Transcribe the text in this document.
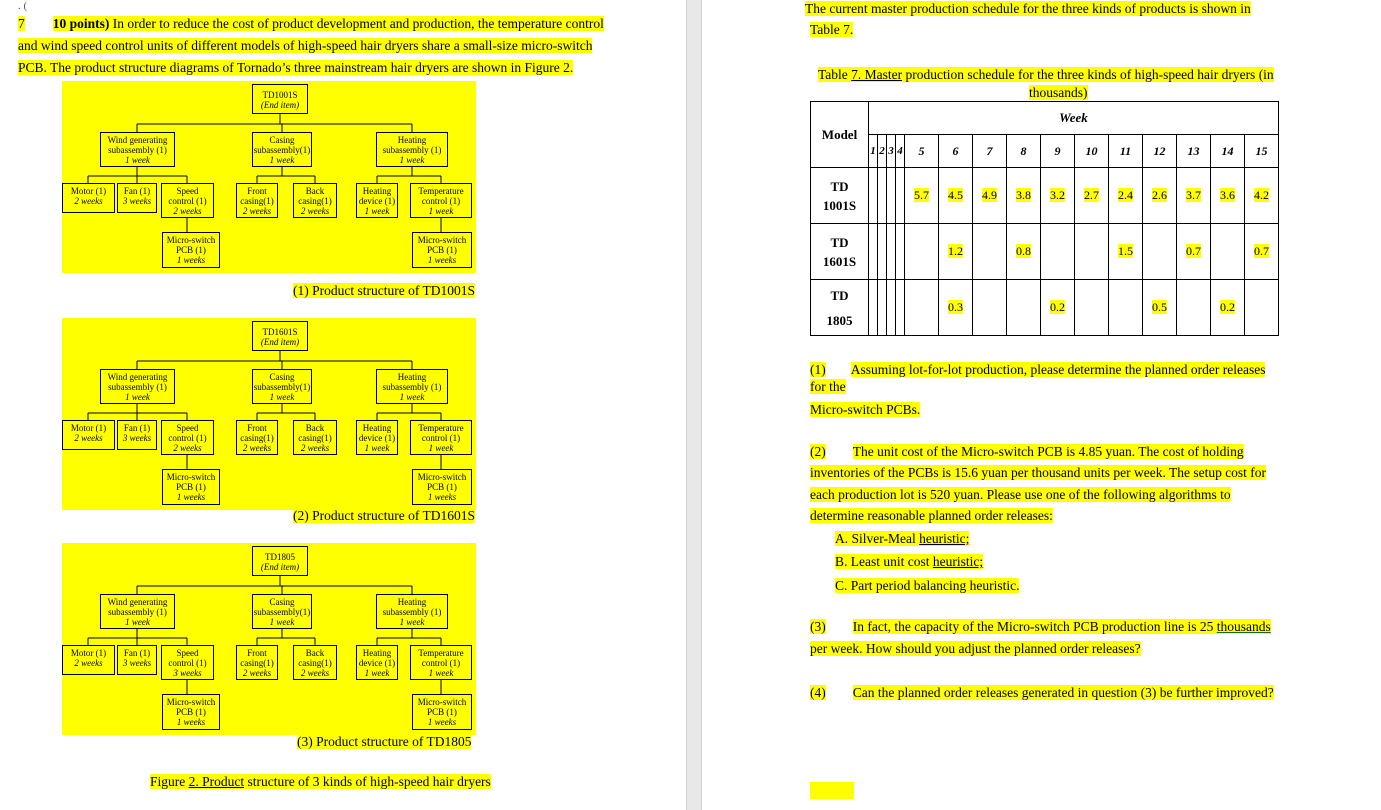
. (
7 10 points) In order to reduce the cost of product development and production, the temperature control
and wind speed control units of different models of high-speed hair dryers share a small-size micro-switch
PCB. The product structure diagrams of Tornado’s three mainstream hair dryers are shown in Figure 2.
TD1001S
(End item)
Wind generating
subassembly (1)
1 week
Casing
subassembly(1)
1 week
Heating
subassembly (1)
1 week
Motor (1)
2 weeks
Fan (1)
3 weeks
Speed
control (1)
2 weeks
Front
casing(1)
2 weeks
Back
casing(1)
2 weeks
Heating
device (1)
1 week
Temperature
control (1)
1 week
Micro-switch
PCB (1)
1 weeks
Micro-switch
PCB (1)
1 weeks
(1) Product structure of TD1001S
TD1601S
(End item)
Wind generating
subassembly (1)
1 week
Casing
subassembly(1)
1 week
Heating
subassembly (1)
1 week
Motor (1)
2 weeks
Fan (1)
3 weeks
Speed
control (1)
2 weeks
Front
casing(1)
2 weeks
Back
casing(1)
2 weeks
Heating
device (1)
1 week
Temperature
control (1)
1 week
Micro-switch
PCB (1)
1 weeks
Micro-switch
PCB (1)
1 weeks
(2) Product structure of TD1601S
TD1805
(End item)
Wind generating
subassembly (1)
1 week
Casing
subassembly(1)
1 week
Heating
subassembly (1)
1 week
Motor (1)
2 weeks
Fan (1)
3 weeks
Speed
control (1)
3 weeks
Front
casing(1)
2 weeks
Back
casing(1)
2 weeks
Heating
device (1)
1 week
Temperature
control (1)
1 week
Micro-switch
PCB (1)
1 weeks
Micro-switch
PCB (1)
1 weeks
(3) Product structure of TD1805
Figure 2. Product structure of 3 kinds of high-speed hair dryers
The current master production schedule for the three kinds of products is shown in
Table 7.
Table 7. Master production schedule for the three kinds of high-speed hair dryers (in
thousands)
Model	Week														
	1	2	3	4	5	6	7	8	9	10	11	12	13	14	15

TD
1001S					5.7	4.5	4.9	3.8	3.2	2.7	2.4	2.6	3.7	3.6	4.2

TD
1601S						1.2		0.8			1.5		0.7		0.7

TD
1805						0.3			0.2			0.5		0.2	
(1) Assuming lot-for-lot production, please determine the planned order releases
for the
Micro-switch PCBs.
(2) The unit cost of the Micro-switch PCB is 4.85 yuan. The cost of holding
inventories of the PCBs is 15.6 yuan per thousand units per week. The setup cost for
each production lot is 520 yuan. Please use one of the following algorithms to
determine reasonable planned order releases:
A. Silver-Meal heuristic;
B. Least unit cost heuristic;
C. Part period balancing heuristic.
(3) In fact, the capacity of the Micro-switch PCB production line is 25 thousands
per week. How should you adjust the planned order releases?
(4) Can the planned order releases generated in question (3) be further improved?
